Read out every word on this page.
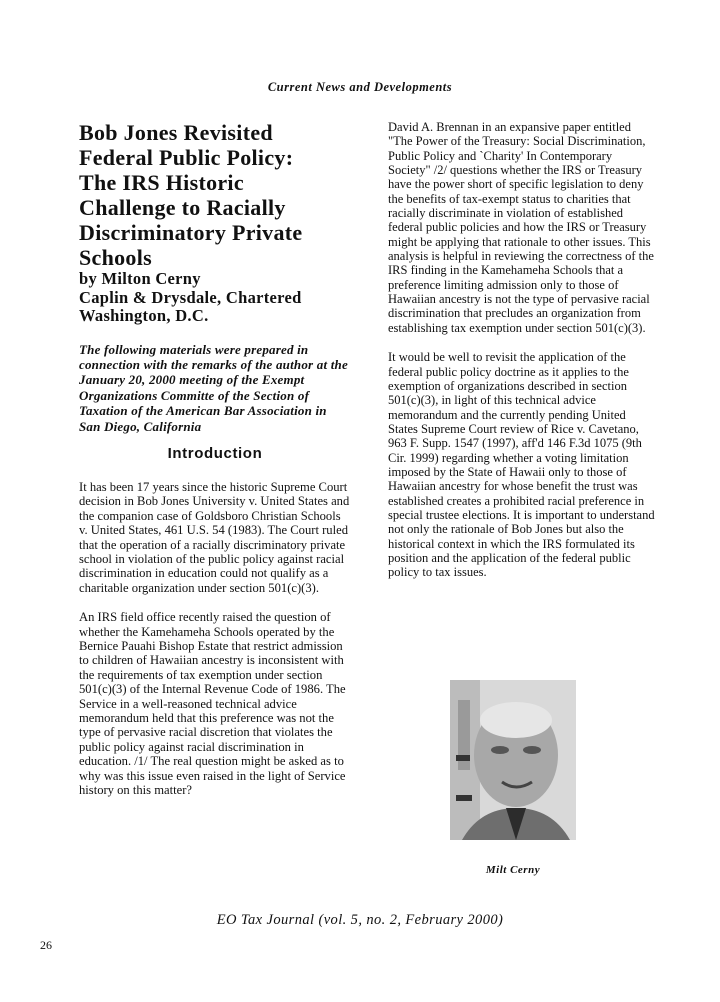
Current News and Developments
Bob Jones Revisited
Federal Public Policy:
The IRS Historic
Challenge to Racially
Discriminatory Private
Schools
by Milton Cerny
Caplin & Drysdale, Chartered
Washington, D.C.
The following materials were prepared in connection with the remarks of the author at the January 20, 2000 meeting of the Exempt Organizations Committe of the Section of Taxation of the American Bar Association in San Diego, California
Introduction

It has been 17 years since the historic Supreme Court decision in Bob Jones University v. United States and the companion case of Goldsboro Christian Schools v. United States, 461 U.S. 54 (1983). The Court ruled that the operation of a racially discriminatory private school in violation of the public policy against racial discrimination in education could not qualify as a charitable organization under section 501(c)(3).

An IRS field office recently raised the question of whether the Kamehameha Schools operated by the Bernice Pauahi Bishop Estate that restrict admission to children of Hawaiian ancestry is inconsistent with the requirements of tax exemption under section 501(c)(3) of the Internal Revenue Code of 1986. The Service in a well-reasoned technical advice memorandum held that this preference was not the type of pervasive racial discretion that violates the public policy against racial discrimination in education. /1/ The real question might be asked as to why was this issue even raised in the light of Service history on this matter?

David A. Brennan in an expansive paper entitled "The Power of the Treasury: Social Discrimination, Public Policy and `Charity' In Contemporary Society" /2/ questions whether the IRS or Treasury have the power short of specific legislation to deny the benefits of tax-exempt status to charities that racially discriminate in violation of established federal public policies and how the IRS or Treasury might be applying that rationale to other issues. This analysis is helpful in reviewing the correctness of the IRS finding in the Kamehameha Schools that a preference limiting admission only to those of Hawaiian ancestry is not the type of pervasive racial discrimination that precludes an organization from establishing tax exemption under section 501(c)(3).

It would be well to revisit the application of the federal public policy doctrine as it applies to the exemption of organizations described in section 501(c)(3), in light of this technical advice memorandum and the currently pending United States Supreme Court review of Rice v. Cavetano, 963 F. Supp. 1547 (1997), aff'd 146 F.3d 1075 (9th Cir. 1999) regarding whether a voting limitation imposed by the State of Hawaii only to those of Hawaiian ancestry for whose benefit the trust was established creates a prohibited racial preference in special trustee elections. It is important to understand not only the rationale of Bob Jones but also the historical context in which the IRS formulated its position and the application of the federal public policy to tax issues.

Milt Cerny
EO Tax Journal (vol. 5, no. 2, February 2000)
26
